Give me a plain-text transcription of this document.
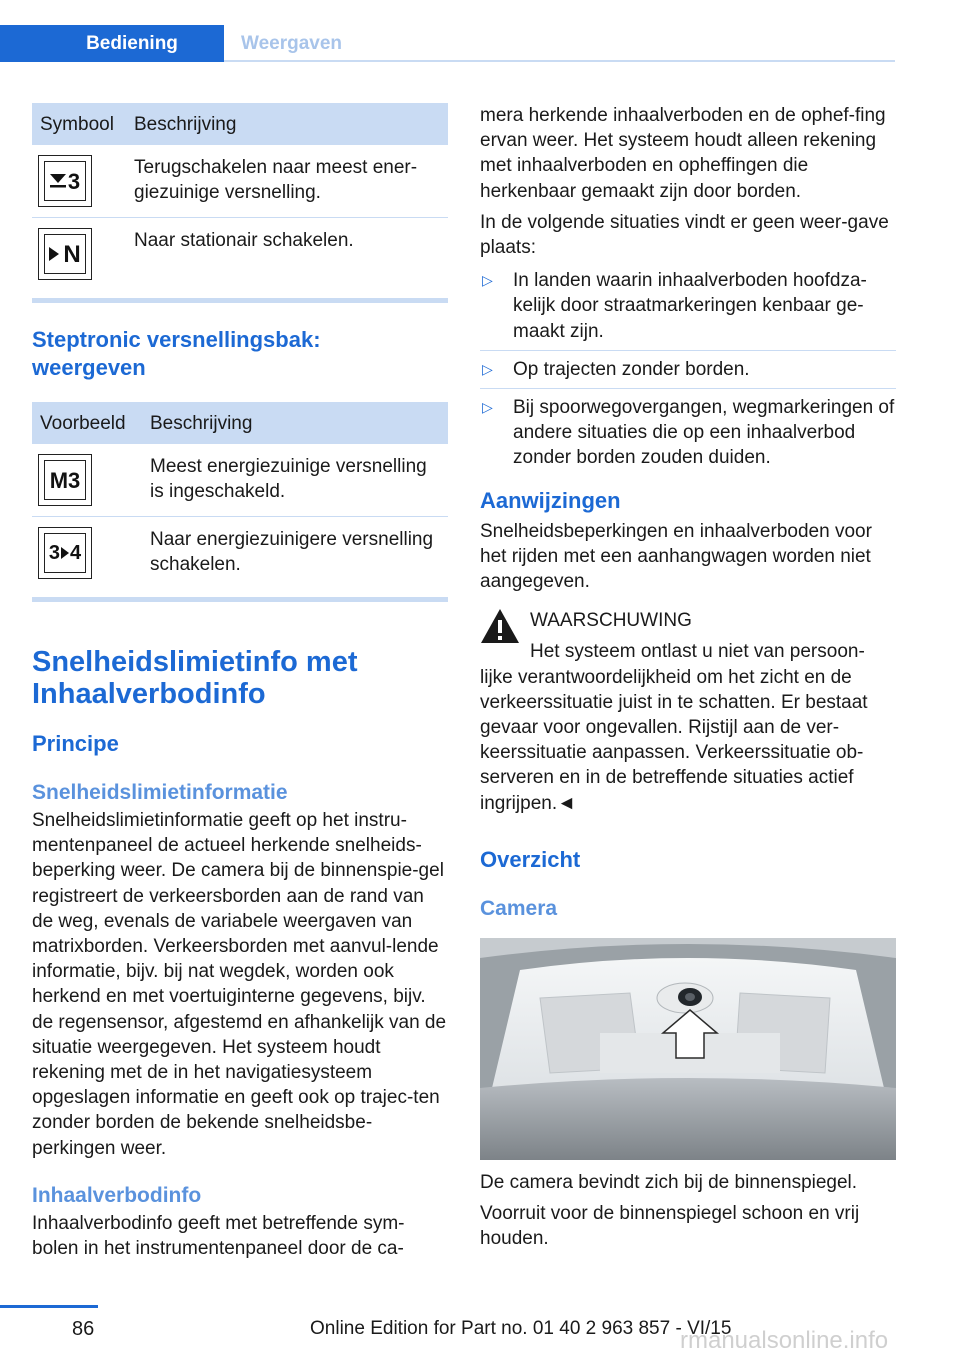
Bediening	Weergaven
Symbool	Beschrijving

3	Terugschakelen naar meest ener-giezuinige versnelling.

N	Naar stationair schakelen.
Steptronic versnellingsbak: weergeven
Voorbeeld	Beschrijving

M3	Meest energiezuinige versnelling is ingeschakeld.

3 4	Naar energiezuinigere versnelling schakelen.
Snelheidslimietinfo met Inhaalverbodinfo
Principe
Snelheidslimietinformatie

Snelheidslimietinformatie geeft op het instru-mentenpaneel de actueel herkende snelheids-beperking weer. De camera bij de binnenspie-gel registreert de verkeersborden aan de rand van de weg, evenals de variabele weergaven van matrixborden. Verkeersborden met aanvul-lende informatie, bijv. bij nat wegdek, worden ook herkend en met voertuiginterne gegevens, bijv. de regensensor, afgestemd en afhankelijk van de situatie weergegeven. Het systeem houdt rekening met de in het navigatiesysteem opgeslagen informatie en geeft ook op trajec-ten zonder borden de bekende snelheidsbe-perkingen weer.

Inhaalverbodinfo

Inhaalverbodinfo geeft met betreffende sym-bolen in het instrumentenpaneel door de ca-

mera herkende inhaalverboden en de ophef-fing ervan weer. Het systeem houdt alleen rekening met inhaalverboden en opheffingen die herkenbaar gemaakt zijn door borden.

In de volgende situaties vindt er geen weer-gave plaats:

▷ In landen waarin inhaalverboden hoofdza-kelijk door straatmarkeringen kenbaar ge-maakt zijn.
▷ Op trajecten zonder borden.
▷ Bij spoorwegovergangen, wegmarkeringen of andere situaties die op een inhaalverbod zonder borden zouden duiden.
Aanwijzingen

Snelheidsbeperkingen en inhaalverboden voor het rijden met een aanhangwagen worden niet aangegeven.

WAARSCHUWING
Het systeem ontlast u niet van persoon-

lijke verantwoordelijkheid om het zicht en de verkeerssituatie juist in te schatten. Er bestaat gevaar voor ongevallen. Rijstijl aan de ver-keerssituatie aanpassen. Verkeerssituatie ob-serveren en in de betreffende situaties actief ingrijpen.◄

Overzicht
Camera

De camera bevindt zich bij de binnenspiegel.

Voorruit voor de binnenspiegel schoon en vrij houden.

86	Online Edition for Part no. 01 40 2 963 857 - VI/15
rmanualsonline.info
